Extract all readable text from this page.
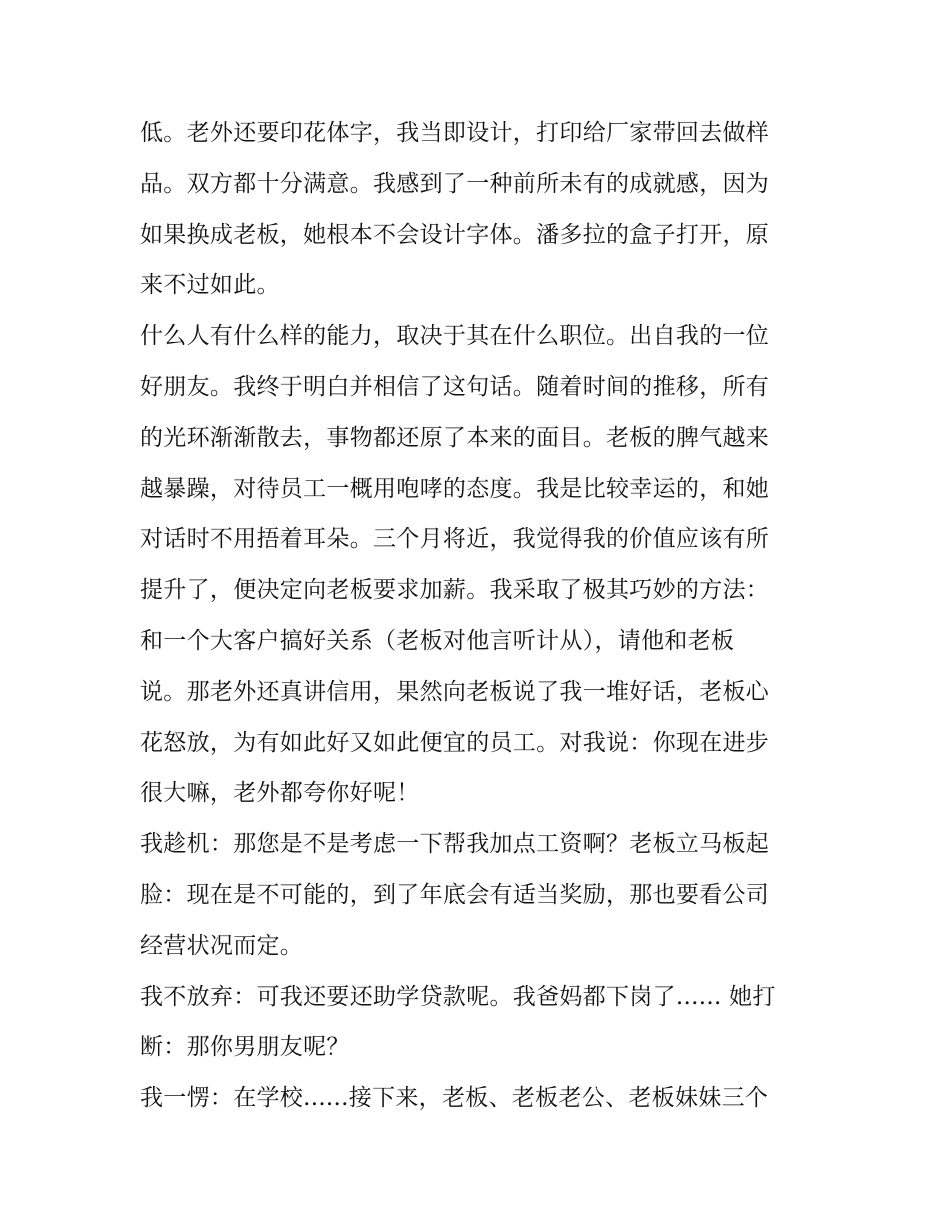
低。老外还要印花体字，我当即设计，打印给厂家带回去做样
品。双方都十分满意。我感到了一种前所未有的成就感，因为
如果换成老板，她根本不会设计字体。潘多拉的盒子打开，原
来不过如此。
什么人有什么样的能力，取决于其在什么职位。出自我的一位
好朋友。我终于明白并相信了这句话。随着时间的推移，所有
的光环渐渐散去，事物都还原了本来的面目。老板的脾气越来
越暴躁，对待员工一概用咆哮的态度。我是比较幸运的，和她
对话时不用捂着耳朵。三个月将近，我觉得我的价值应该有所
提升了，便决定向老板要求加薪。我采取了极其巧妙的方法：
和一个大客户搞好关系（老板对他言听计从），请他和老板
说。那老外还真讲信用，果然向老板说了我一堆好话，老板心
花怒放，为有如此好又如此便宜的员工。对我说：你现在进步
很大嘛，老外都夸你好呢！
我趁机：那您是不是考虑一下帮我加点工资啊？老板立马板起
脸：现在是不可能的，到了年底会有适当奖励，那也要看公司
经营状况而定。
我不放弃：可我还要还助学贷款呢。我爸妈都下岗了...... 她打
断：那你男朋友呢？
我一愣：在学校......接下来，老板、老板老公、老板妹妹三个
